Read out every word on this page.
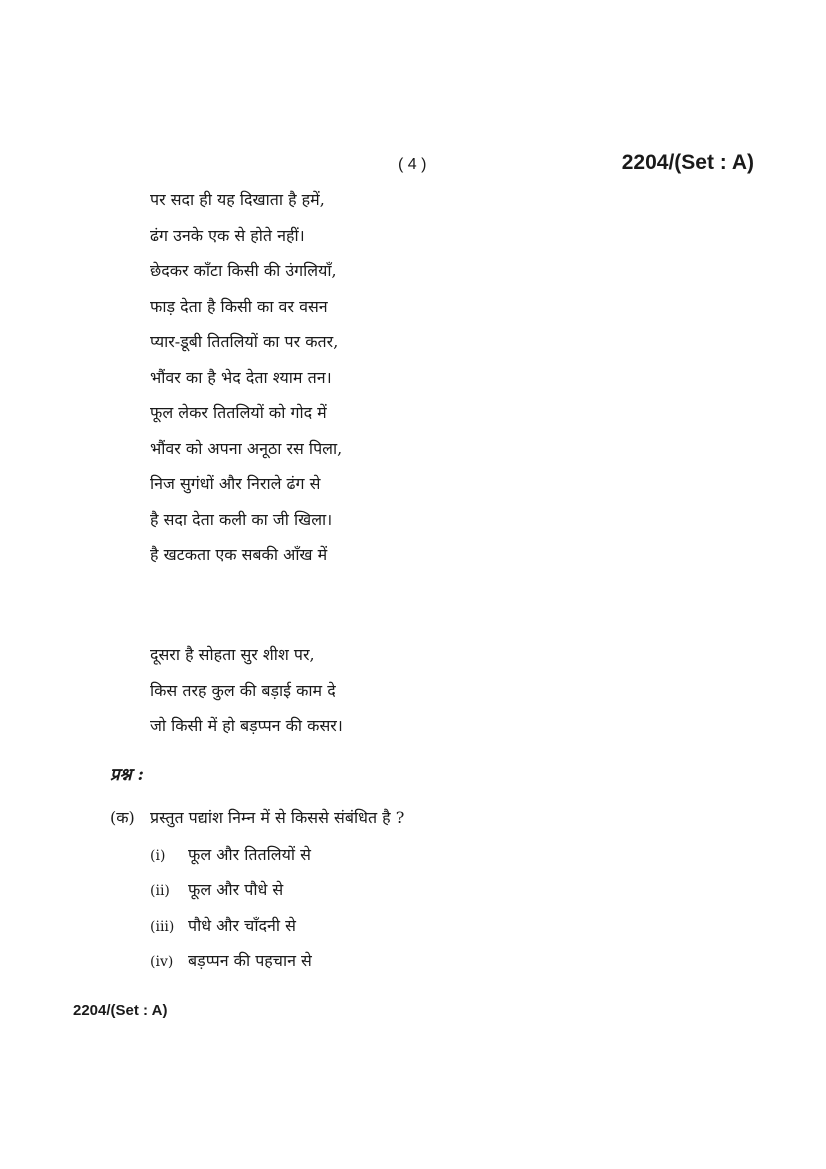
( 4 )	2204/(Set : A)
पर सदा ही यह दिखाता है हमें,
ढंग उनके एक से होते नहीं।
छेदकर काँटा किसी की उंगलियाँ,
फाड़ देता है किसी का वर वसन
प्यार-डूबी तितलियों का पर कतर,
भौंवर का है भेद देता श्याम तन।
फूल लेकर तितलियों को गोद में
भौंवर को अपना अनूठा रस पिला,
निज सुगंधों और निराले ढंग से
है सदा देता कली का जी खिला।
है खटकता एक सबकी आँख में
दूसरा है सोहता सुर शीश पर,
किस तरह कुल की बड़ाई काम दे
जो किसी में हो बड़प्पन की कसर।
प्रश्न :
(क) प्रस्तुत पद्यांश निम्न में से किससे संबंधित है ?
(i) फूल और तितलियों से
(ii) फूल और पौधे से
(iii) पौधे और चाँदनी से
(iv) बड़प्पन की पहचान से
2204/(Set : A)
